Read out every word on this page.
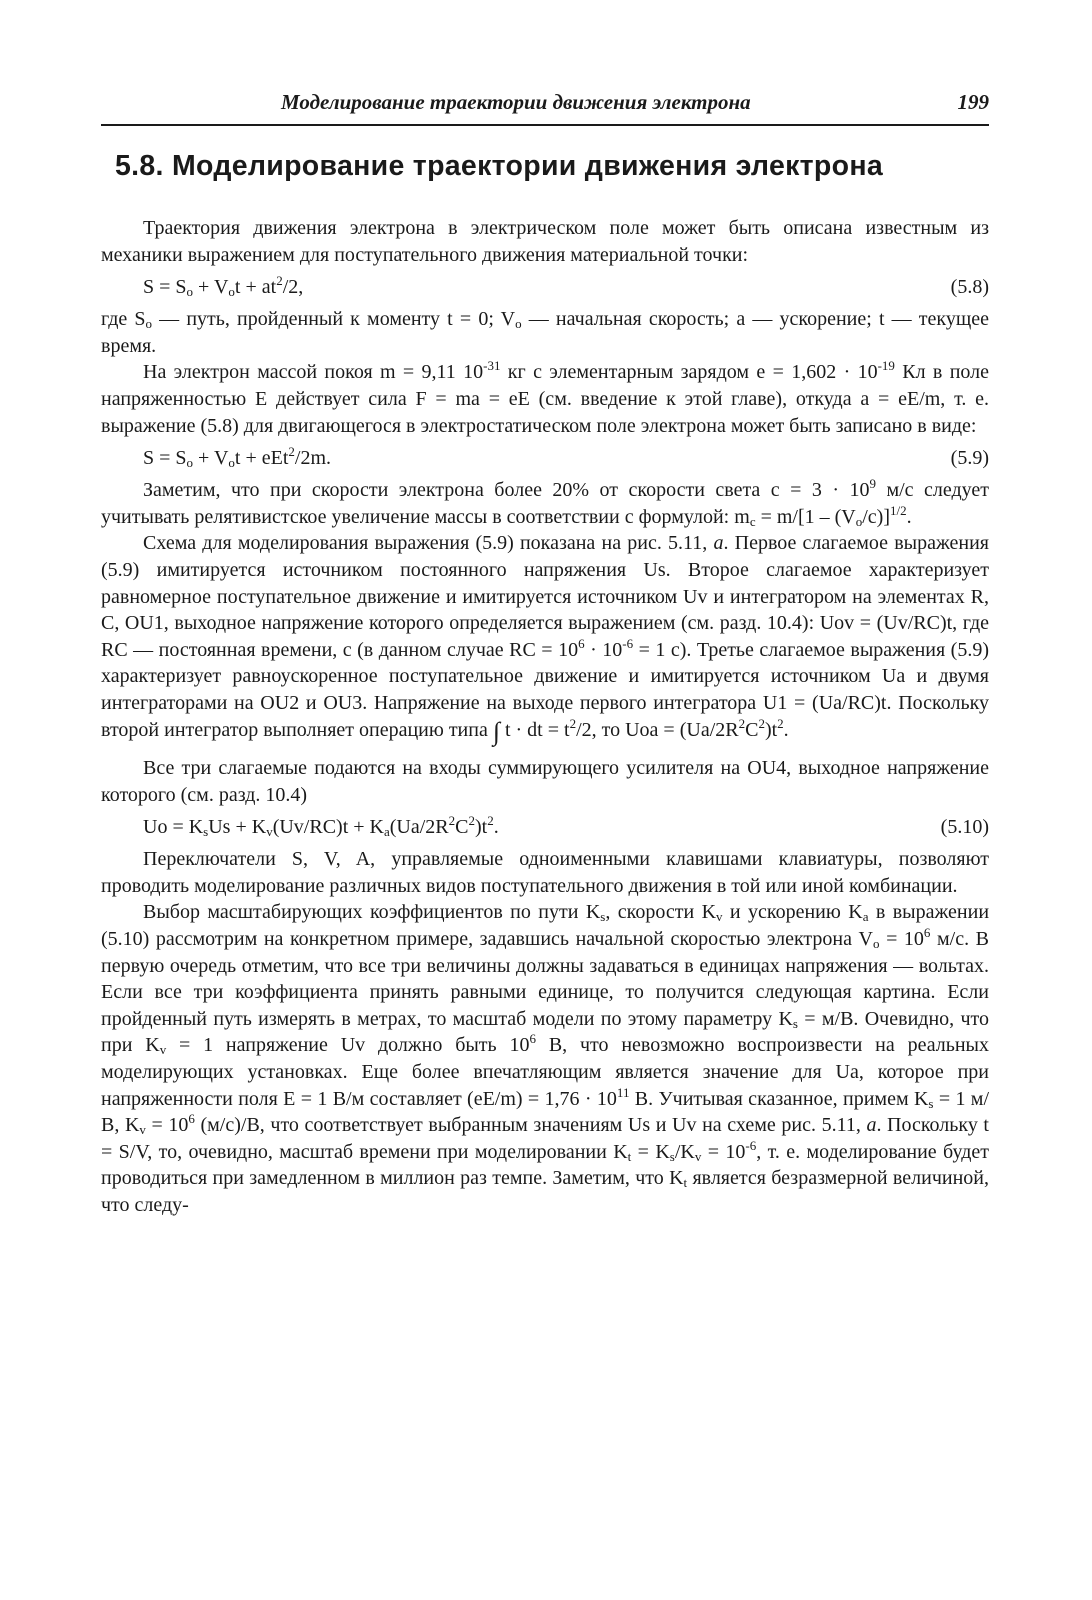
Моделирование траектории движения электрона	199
5.8. Моделирование траектории движения электрона

Траектория движения электрона в электрическом поле может быть описана известным из механики выражением для поступательного движения материальной точки:

$S = S_o + V_ot + at^2/2$,	(5.8)

где $S_o$ — путь, пройденный к моменту t = 0; $V_o$ — начальная скорость; a — ускорение; t — текущее время.

На электрон массой покоя m = 9,11 $10^{-31}$ кг с элементарным зарядом $e = 1,602 \cdot 10^{-19}$ Кл в поле напряженностью E действует сила F = ma = eE (см. введение к этой главе), откуда a = eE/m, т. е. выражение (5.8) для двигающегося в электростатическом поле электрона может быть записано в виде:

$S = S_o + V_ot + eEt^2/2m$.	(5.9)

Заметим, что при скорости электрона более 20% от скорости света $c = 3 \cdot 10^9$ м/с следует учитывать релятивистское увеличение массы в соответствии с формулой: $m_c = m/[1 - (V_o/c)]^{1/2}$.

Схема для моделирования выражения (5.9) показана на рис. 5.11, a. Первое слагаемое выражения (5.9) имитируется источником постоянного напряжения Us. Второе слагаемое характеризует равномерное поступательное движение и имитируется источником Uv и интегратором на элементах R, C, OU1, выходное напряжение которого определяется выражением (см. разд. 10.4): Uov = (Uv/RC)t, где RC — постоянная времени, с (в данном случае RC = $10^6 \cdot 10^{-6} = 1$ с). Третье слагаемое выражения (5.9) характеризует равноускоренное поступательное движение и имитируется источником Ua и двумя интеграторами на OU2 и OU3. Напряжение на выходе первого интегратора U1 = (Ua/RC)t. Поскольку второй интегратор выполняет операцию типа ∫ t · dt = $t^2/2$, то Uoa = $(Ua/2R^2C^2)t^2$.

Все три слагаемые подаются на входы суммирующего усилителя на OU4, выходное напряжение которого (см. разд. 10.4)

$Uo = K_sUs + K_v(Uv/RC)t + K_a(Ua/2R^2C^2)t^2$.	(5.10)

Переключатели S, V, A, управляемые одноименными клавишами клавиатуры, позволяют проводить моделирование различных видов поступательного движения в той или иной комбинации.

Выбор масштабирующих коэффициентов по пути $K_s$, скорости $K_v$ и ускорению $K_a$ в выражении (5.10) рассмотрим на конкретном примере, задавшись начальной скоростью электрона $V_o = 10^6$ м/с. В первую очередь отметим, что все три величины должны задаваться в единицах напряжения — вольтах. Если все три коэффициента принять равными единице, то получится следующая картина. Если пройденный путь измерять в метрах, то масштаб модели по этому параметру $K_s = м/В$. Очевидно, что при $K_v = 1$ напряжение Uv должно быть $10^6$ В, что невозможно воспроизвести на реальных моделирующих установках. Еще более впечатляющим является значение для Ua, которое при напряженности поля E = 1 В/м составляет $(eE/m) = 1,76 \cdot 10^{11}$ В. Учитывая сказанное, примем $K_s = 1$ м/В, $K_v = 10^6$ (м/с)/В, что соответствует выбранным значениям Us и Uv на схеме рис. 5.11, a. Поскольку t = S/V, то, очевидно, масштаб времени при моделировании $K_t = K_s/K_v = 10^{-6}$, т. е. моделирование будет проводиться при замедленном в миллион раз темпе. Заметим, что $K_t$ является безразмерной величиной, что следу-
